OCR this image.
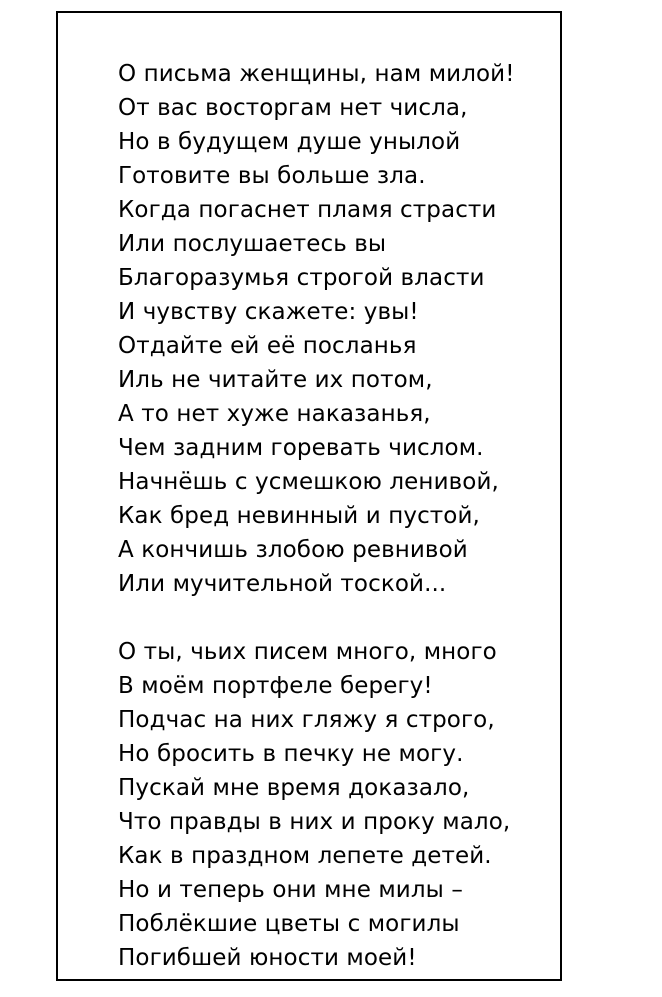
О письма женщины, нам милой!
От вас восторгам нет числа,
Но в будущем душе унылой
Готовите вы больше зла.
Когда погаснет пламя страсти
Или послушаетесь вы
Благоразумья строгой власти
И чувству скажете: увы!
Отдайте ей её посланья
Иль не читайте их потом,
А то нет хуже наказанья,
Чем задним горевать числом.
Начнёшь с усмешкою ленивой,
Как бред невинный и пустой,
А кончишь злобою ревнивой
Или мучительной тоской...
О ты, чьих писем много, много
В моём портфеле берегу!
Подчас на них гляжу я строго,
Но бросить в печку не могу.
Пускай мне время доказало,
Что правды в них и проку мало,
Как в праздном лепете детей.
Но и теперь они мне милы –
Поблёкшие цветы с могилы
Погибшей юности моей!
